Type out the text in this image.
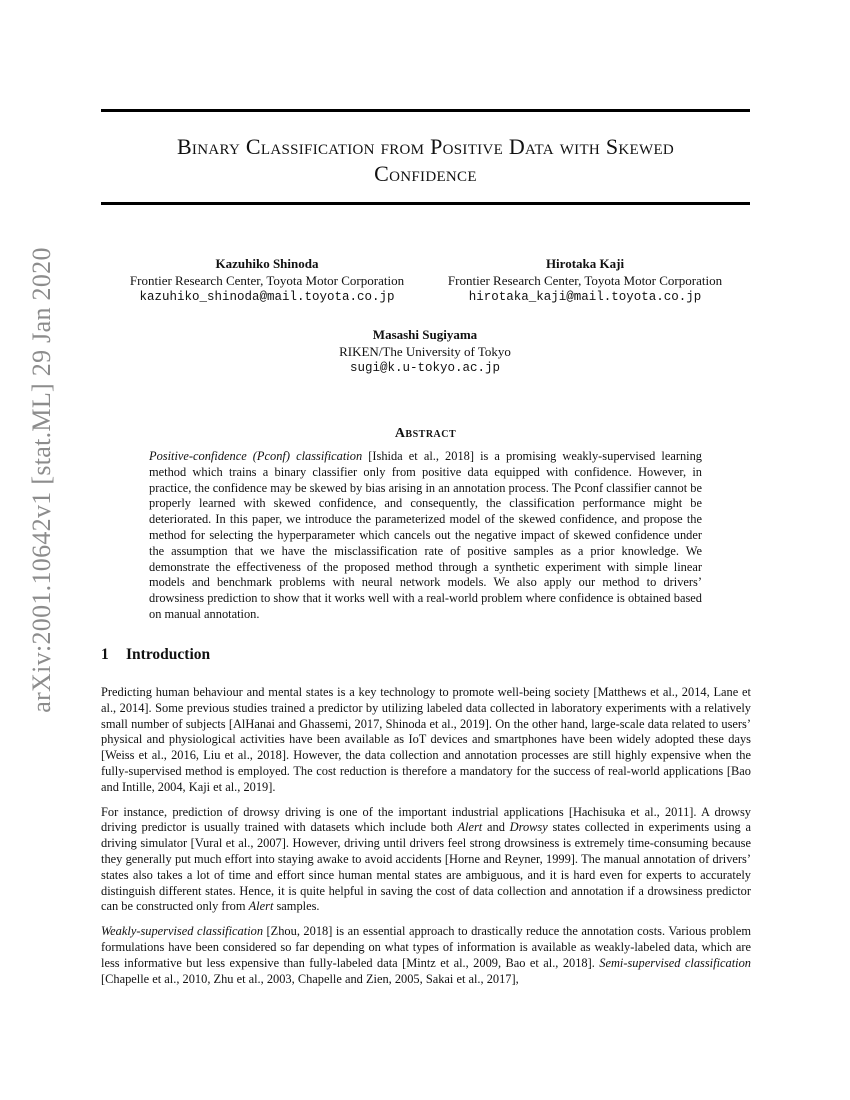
Binary Classification from Positive Data with Skewed
Confidence
arXiv:2001.10642v1 [stat.ML] 29 Jan 2020	Kazuhiko Shinoda
Frontier Research Center, Toyota Motor Corporation
kazuhiko_shinoda@mail.toyota.co.jp
Hirotaka Kaji
Frontier Research Center, Toyota Motor Corporation
hirotaka_kaji@mail.toyota.co.jp
Masashi Sugiyama
RIKEN/The University of Tokyo
sugi@k.u-tokyo.ac.jp
Abstract
Positive-confidence (Pconf) classification [Ishida et al., 2018] is a promising weakly-supervised learning method which trains a binary classifier only from positive data equipped with confidence. However, in practice, the confidence may be skewed by bias arising in an annotation process. The Pconf classifier cannot be properly learned with skewed confidence, and consequently, the classification performance might be deteriorated. In this paper, we introduce the parameterized model of the skewed confidence, and propose the method for selecting the hyperparameter which cancels out the negative impact of skewed confidence under the assumption that we have the misclassification rate of positive samples as a prior knowledge. We demonstrate the effectiveness of the proposed method through a synthetic experiment with simple linear models and benchmark problems with neural network models. We also apply our method to drivers’ drowsiness prediction to show that it works well with a real-world problem where confidence is obtained based on manual annotation.
1 Introduction

Predicting human behaviour and mental states is a key technology to promote well-being society [Matthews et al., 2014, Lane et al., 2014]. Some previous studies trained a predictor by utilizing labeled data collected in laboratory experiments with a relatively small number of subjects [AlHanai and Ghassemi, 2017, Shinoda et al., 2019]. On the other hand, large-scale data related to users’ physical and physiological activities have been available as IoT devices and smartphones have been widely adopted these days [Weiss et al., 2016, Liu et al., 2018]. However, the data collection and annotation processes are still highly expensive when the fully-supervised method is employed. The cost reduction is therefore a mandatory for the success of real-world applications [Bao and Intille, 2004, Kaji et al., 2019].

For instance, prediction of drowsy driving is one of the important industrial applications [Hachisuka et al., 2011]. A drowsy driving predictor is usually trained with datasets which include both Alert and Drowsy states collected in experiments using a driving simulator [Vural et al., 2007]. However, driving until drivers feel strong drowsiness is extremely time-consuming because they generally put much effort into staying awake to avoid accidents [Horne and Reyner, 1999]. The manual annotation of drivers’ states also takes a lot of time and effort since human mental states are ambiguous, and it is hard even for experts to accurately distinguish different states. Hence, it is quite helpful in saving the cost of data collection and annotation if a drowsiness predictor can be constructed only from Alert samples.

Weakly-supervised classification [Zhou, 2018] is an essential approach to drastically reduce the annotation costs. Various problem formulations have been considered so far depending on what types of information is available as weakly-labeled data, which are less informative but less expensive than fully-labeled data [Mintz et al., 2009, Bao et al., 2018]. Semi-supervised classification [Chapelle et al., 2010, Zhu et al., 2003, Chapelle and Zien, 2005, Sakai et al., 2017],
